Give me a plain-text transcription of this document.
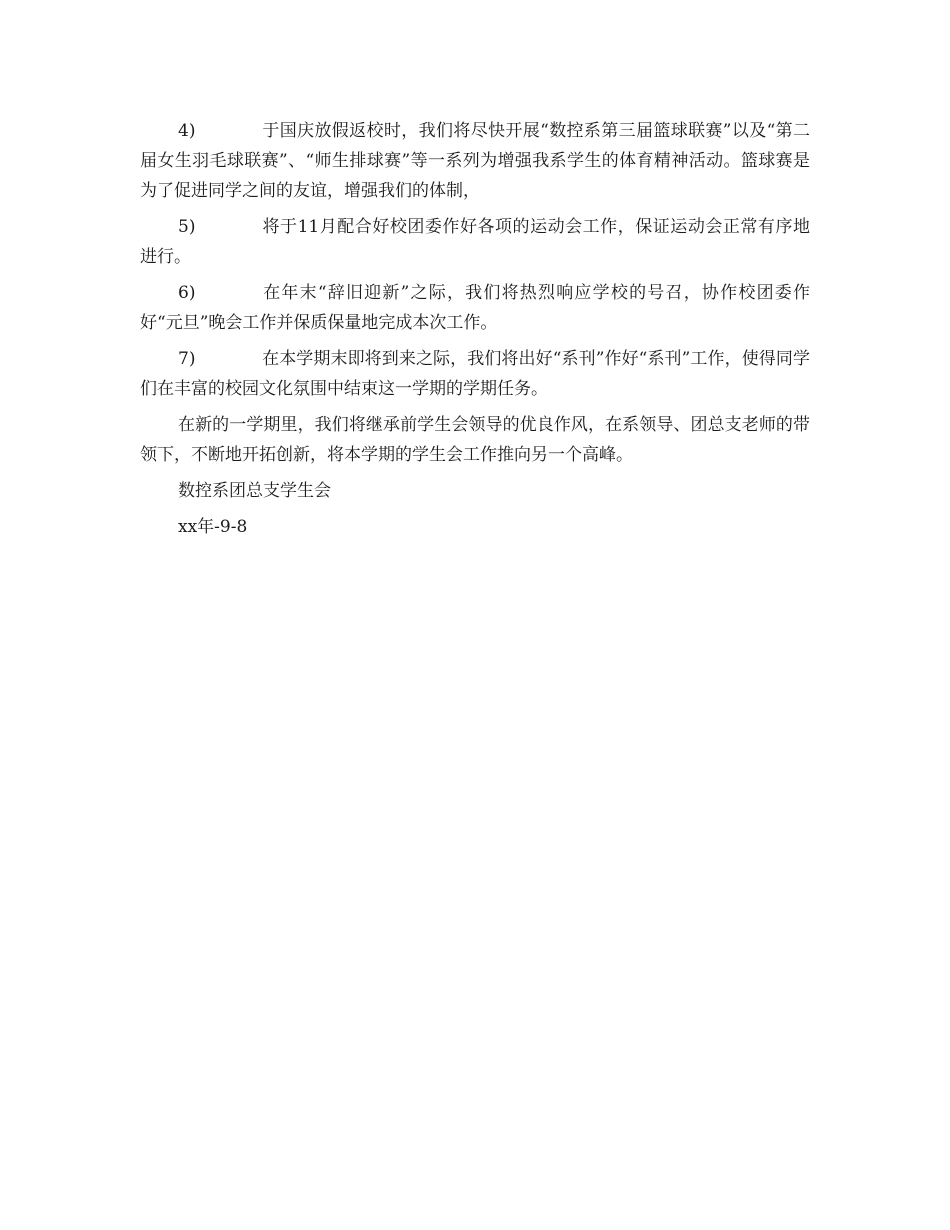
4)	于国庆放假返校时，我们将尽快开展“数控系第三届篮球联赛”以及“第二届女生羽毛球联赛”、“师生排球赛”等一系列为增强我系学生的体育精神活动。篮球赛是为了促进同学之间的友谊，增强我们的体制，

5)	将于11月配合好校团委作好各项的运动会工作，保证运动会正常有序地进行。

6)	在年末“辞旧迎新”之际，我们将热烈响应学校的号召，协作校团委作好“元旦”晚会工作并保质保量地完成本次工作。

7)	在本学期末即将到来之际，我们将出好“系刊”作好“系刊”工作，使得同学们在丰富的校园文化氛围中结束这一学期的学期任务。

在新的一学期里，我们将继承前学生会领导的优良作风，在系领导、团总支老师的带领下，不断地开拓创新，将本学期的学生会工作推向另一个高峰。

数控系团总支学生会

xx年-9-8
